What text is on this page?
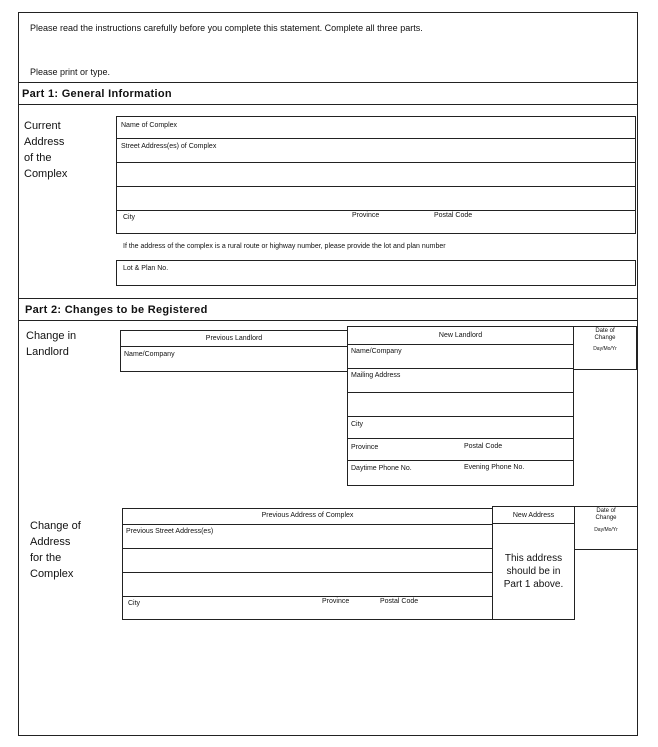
Please read the instructions carefully before you complete this statement. Complete all three parts.
Please print or type.
Part 1: General Information
Current
Address
of the
Complex
Name of Complex
Street Address(es) of Complex
City	Province	Postal Code
If the address of the complex is a rural route or highway number, please provide the lot and plan number
Lot & Plan No.
Part 2: Changes to be Registered
Change in
Landlord
Previous Landlord
Name/Company
New Landlord
Name/Company
Mailing Address
City
Province	Postal Code
Daytime Phone No.	Evening Phone No.
Date of
Change
Day/Mo/Yr
Change of
Address
for the
Complex
Previous Address of Complex
Previous Street Address(es)
City	Province	Postal Code
New Address
This address
should be in
Part 1 above.
Date of
Change
Day/Mo/Yr
